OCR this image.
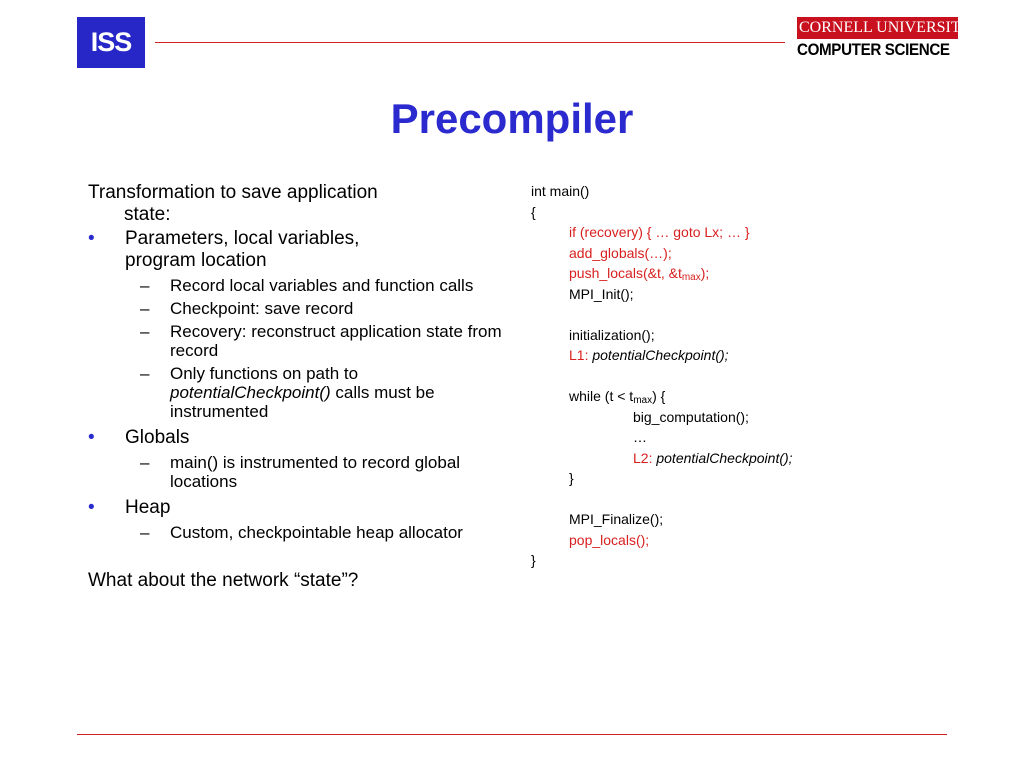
ISS	CORNELL UNIVERSITY
COMPUTER SCIENCE
Precompiler
Transformation to save application
state:
• Parameters, local variables,
program location
– Record local variables and function calls
– Checkpoint: save record
– Recovery: reconstruct application state from record
– Only functions on path to
potentialCheckpoint() calls must be instrumented
• Globals
– main() is instrumented to record global locations
• Heap
– Custom, checkpointable heap allocator
What about the network “state”?
int main()
{
if (recovery) { … goto Lx; … }
add_globals(…);
push_locals(&t, $\&t_{max}$);
MPI_Init();
initialization();
L1: potentialCheckpoint();
while $(t < t_{max})$ {
big_computation();
…
L2: potentialCheckpoint();
}
MPI_Finalize();
pop_locals();
}
